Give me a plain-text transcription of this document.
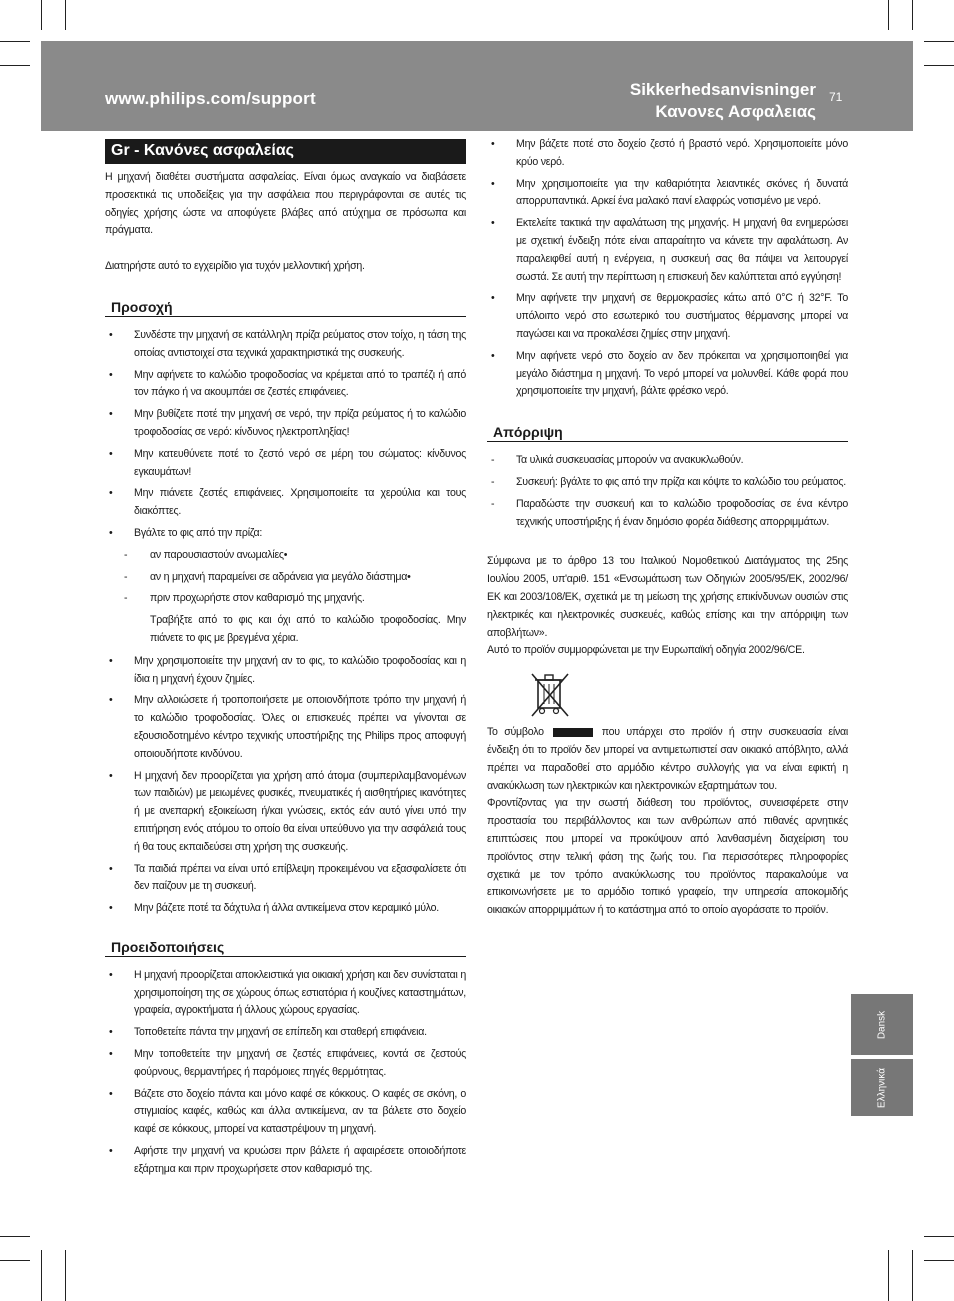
www.philips.com/support	Sikkerhedsanvisninger
Κανονες Ασφαλειας
71
Gr - Κανόνες ασφαλείας

Η μηχανή διαθέτει συστήματα ασφαλείας. Είναι όμως αναγκαίο να διαβάσετε προσεκτικά τις υποδείξεις για την ασφάλεια που περιγράφονται σε αυτές τις οδηγίες χρήσης ώστε να αποφύγετε βλάβες από ατύχημα σε πρόσωπα και πράγματα.

Διατηρήστε αυτό το εγχειρίδιο για τυχόν μελλοντική χρήση.

Προσοχή
• Συνδέστε την μηχανή σε κατάλληλη πρίζα ρεύματος στον τοίχο, η τάση της οποίας αντιστοιχεί στα τεχνικά χαρακτηριστικά της συσκευής.
• Μην αφήνετε το καλώδιο τροφοδοσίας να κρέμεται από το τραπέζι ή από τον πάγκο ή να ακουμπάει σε ζεστές επιφάνειες.
• Μην βυθίζετε ποτέ την μηχανή σε νερό, την πρίζα ρεύματος ή το καλώδιο τροφοδοσίας σε νερό: κίνδυνος ηλεκτροπληξίας!
• Μην κατευθύνετε ποτέ το ζεστό νερό σε μέρη του σώματος: κίνδυνος εγκαυμάτων!
• Μην πιάνετε ζεστές επιφάνειες. Χρησιμοποιείτε τα χερούλια και τους διακόπτες.
• Βγάλτε το φις από την πρίζα:
- αν παρουσιαστούν ανωμαλίες•
- αν η μηχανή παραμείνει σε αδράνεια για μεγάλο διάστημα•
- πριν προχωρήστε στον καθαρισμό της μηχανής.

Τραβήξτε από το φις και όχι από το καλώδιο τροφοδοσίας. Μην πιάνετε το φις με βρεγμένα χέρια.

• Μην χρησιμοποιείτε την μηχανή αν το φις, το καλώδιο τροφοδοσίας και η ίδια η μηχανή έχουν ζημίες.
• Μην αλλοιώσετε ή τροποποιήσετε με οποιονδήποτε τρόπο την μηχανή ή το καλώδιο τροφοδοσίας. Όλες οι επισκευές πρέπει να γίνονται σε εξουσιοδοτημένο κέντρο τεχνικής υποστήριξης της Philips προς αποφυγή οποιουδήποτε κινδύνου.
• Η μηχανή δεν προορίζεται για χρήση από άτομα (συμπεριλαμβανομένων των παιδιών) με μειωμένες φυσικές, πνευματικές ή αισθητήριες ικανότητες ή με ανεπαρκή εξοικείωση ή/και γνώσεις, εκτός εάν αυτό γίνει υπό την επιτήρηση ενός ατόμου το οποίο θα είναι υπεύθυνο για την ασφάλειά τους ή θα τους εκπαιδεύσει στη χρήση της συσκευής.
• Τα παιδιά πρέπει να είναι υπό επίβλεψη προκειμένου να εξασφαλίσετε ότι δεν παίζουν με τη συσκευή.
• Μην βάζετε ποτέ τα δάχτυλα ή άλλα αντικείμενα στον κεραμικό μύλο.
Προειδοποιήσεις
• Η μηχανή προορίζεται αποκλειστικά για οικιακή χρήση και δεν συνίσταται η χρησιμοποίηση της σε χώρους όπως εστιατόρια ή κουζίνες καταστημάτων, γραφεία, αγροκτήματα ή άλλους χώρους εργασίας.
• Τοποθετείτε πάντα την μηχανή σε επίπεδη και σταθερή επιφάνεια.
• Μην τοποθετείτε την μηχανή σε ζεστές επιφάνειες, κοντά σε ζεστούς φούρνους, θερμαντήρες ή παρόμοιες πηγές θερμότητας.
• Βάζετε στο δοχείο πάντα και μόνο καφέ σε κόκκους. Ο καφές σε σκόνη, ο στιγμιαίος καφές, καθώς και άλλα αντικείμενα, αν τα βάλετε στο δοχείο καφέ σε κόκκους, μπορεί να καταστρέψουν τη μηχανή.
• Αφήστε την μηχανή να κρυώσει πριν βάλετε ή αφαιρέσετε οποιοδήποτε εξάρτημα και πριν προχωρήσετε στον καθαρισμό της.
• Μην βάζετε ποτέ στο δοχείο ζεστό ή βραστό νερό. Χρησιμοποιείτε μόνο κρύο νερό.
• Μην χρησιμοποιείτε για την καθαριότητα λειαντικές σκόνες ή δυνατά απορρυπαντικά. Αρκεί ένα μαλακό πανί ελαφρώς νοτισμένο με νερό.
• Εκτελείτε τακτικά την αφαλάτωση της μηχανής. Η μηχανή θα ενημερώσει με σχετική ένδειξη πότε είναι απαραίτητο να κάνετε την αφαλάτωση. Αν παραλειφθεί αυτή η ενέργεια, η συσκευή σας θα πάψει να λειτουργεί σωστά. Σε αυτή την περίπτωση η επισκευή δεν καλύπτεται από εγγύηση!
• Μην αφήνετε την μηχανή σε θερμοκρασίες κάτω από 0°C ή 32°F. Το υπόλοιπο νερό στο εσωτερικό του συστήματος θέρμανσης μπορεί να παγώσει και να προκαλέσει ζημίες στην μηχανή.
• Μην αφήνετε νερό στο δοχείο αν δεν πρόκειται να χρησιμοποιηθεί για μεγάλο διάστημα η μηχανή. Το νερό μπορεί να μολυνθεί. Κάθε φορά που χρησιμοποιείτε την μηχανή, βάλτε φρέσκο νερό.
Απόρριψη
- Τα υλικά συσκευασίας μπορούν να ανακυκλωθούν.
- Συσκευή: βγάλτε το φις από την πρίζα και κόψτε το καλώδιο του ρεύματος.
- Παραδώστε την συσκευή και το καλώδιο τροφοδοσίας σε ένα κέντρο τεχνικής υποστήριξης ή έναν δημόσιο φορέα διάθεσης απορριμμάτων.

Σύμφωνα με το άρθρο 13 του Ιταλικού Νομοθετικού Διατάγματος της 25ης Ιουλίου 2005, υπ'αριθ. 151 «Ενσωμάτωση των Οδηγιών 2005/95/ΕΚ, 2002/96/ΕΚ και 2003/108/ΕΚ, σχετικά με τη μείωση της χρήσης επικίνδυνων ουσιών στις ηλεκτρικές και ηλεκτρονικές συσκευές, καθώς επίσης και την απόρριψη των αποβλήτων».

Αυτό το προϊόν συμμορφώνεται με την Ευρωπαϊκή οδηγία 2002/96/CE.

Το σύμβολο	που υπάρχει στο προϊόν ή στην συσκευασία είναι ένδειξη ότι το προϊόν δεν μπορεί να αντιμετωπιστεί σαν οικιακό απόβλητο, αλλά πρέπει να παραδοθεί στο αρμόδιο κέντρο συλλογής για να είναι εφικτή η ανακύκλωση των ηλεκτρικών και ηλεκτρονικών εξαρτημάτων του.

Φροντίζοντας για την σωστή διάθεση του προϊόντος, συνεισφέρετε στην προστασία του περιβάλλοντος και των ανθρώπων από πιθανές αρνητικές επιπτώσεις που μπορεί να προκύψουν από λανθασμένη διαχείριση του προϊόντος στην τελική φάση της ζωής του. Για περισσότερες πληροφορίες σχετικά με τον τρόπο ανακύκλωσης του προϊόντος παρακαλούμε να επικοινωνήσετε με το αρμόδιο τοπικό γραφείο, την υπηρεσία αποκομιδής οικιακών απορριμμάτων ή το κατάστημα από το οποίο αγοράσατε το προϊόν.

Dansk
Ελληνικά
